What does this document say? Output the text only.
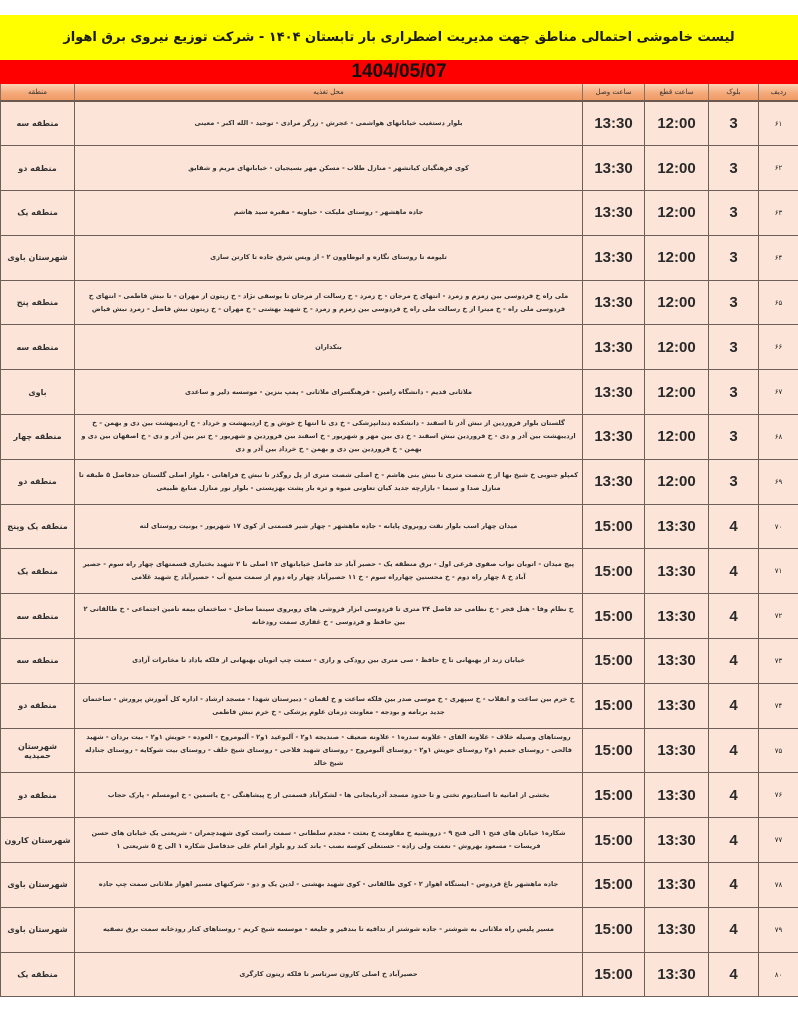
لیست خاموشی احتمالی مناطق جهت مدیریت اضطراری بار تابستان ۱۴۰۴ - شرکت توزیع نیروی برق اهواز
1404/05/07
ردیف	بلوک	ساعت قطع	ساعت وصل	محل تغذیه	منطقه
۶۱	3	12:00	13:30	بلوار دستغیب خیابانهای هواشمی - عجرش - زرگر مرادی - توحید - الله اکبر - معینی	منطقه سه
۶۲	3	12:00	13:30	کوی فرهنگیان کیانشهر - منازل طلاب - مسکن مهر بسیجیان - خیابانهای مریم و شقایق	منطقه دو
۶۳	3	12:00	13:30	جاده ماهشهر - روستای ملیکت - حیاویه - مقبره سید هاشم	منطقه یک
۶۴	3	12:00	13:30	تلیومه تا روستای نگاره و ابوطاوون ۲ - از ویس شرق جاده تا کارتن سازی	شهرستان باوی
۶۵	3	12:00	13:30	ملی راه خ فردوسی بین زمزم و زمرد - انتهای خ مرجان - خ زمرد - خ رسالت از مرجان تا یوسفی نژاد - خ زیتون از مهران - تا نبش فاطمی - انتهای خ فردوسی ملی راه - خ میترا از خ رسالت ملی راه خ فردوسی بین زمزم و زمرد - خ شهید بهشتی - خ مهران - خ زیتون نبش فاضل - زمرد نبش فیاض	منطقه پنج
۶۶	3	12:00	13:30	بنکداران	منطقه سه
۶۷	3	12:00	13:30	ملاثانی قدیم - دانشگاه رامین - فرهنگسرای ملاثانی - پمپ بنزین - موسسه دلیر و ساعدی	باوی
۶۸	3	12:00	13:30	گلستان بلوار فروردین از نبش آذر تا اسفند - دانشکده دندانپزشکی - خ دی تا انتها خ خوش و خ اردیبهشت و خرداد - خ اردیبهشت بین دی و بهمن - خ اردیبهشت بین آذر و دی - خ فروردین نبش اسفند - خ دی بین مهر و شهریور - خ اسفند بین فروردین و شهریور - خ تیر بین آذر و دی - خ اصفهان بین دی و بهمن - خ فروردین بین دی و بهمن - خ خرداد بین آذر و دی	منطقه چهار
۶۹	3	12:00	13:30	کمپلو جنوبی خ شیخ بها از خ شصت متری تا نبش بنی هاشم - خ اصلی شصت متری از پل روگذر تا نبش خ فراهانی - بلوار اصلی گلستان حدفاصل ۵ طبقه تا منازل صدا و سیما - بازارچه جدید کیان تعاونی میوه و تره بار پشت بهزیستی - بلوار نور منازل منابع طبیعی	منطقه دو
۷۰	4	13:30	15:00	میدان چهار اسب بلوار نفت روبروی پایانه - جاده ماهشهر - چهار شیر قسمتی از کوی ۱۷ شهریور - یونیت روستای لته	منطقه یک وپنج
۷۱	4	13:30	15:00	پیچ میدان - اتوبان نواب صفوی فرعی اول - برق منطقه یک - حصیر آباد حد فاصل خیابانهای ۱۳ اصلی تا ۲ شهید بختیاری قسمتهای چهار راه سوم - حصیر آباد خ ۸ چهار راه دوم - خ محسنین چهارراه سوم - خ ۱۱ حصیرآباد چهار راه دوم از سمت منبع آب - حصیرآباد خ شهید غلامی	منطقه یک
۷۲	4	13:30	15:00	خ نظام وفا - هتل فجر - خ نظامی حد فاصل ۲۴ متری تا فردوسی ابزار فروشی های روبروی سینما ساحل - ساختمان بیمه تامین اجتماعی - خ طالقانی ۲ بین حافظ و فردوسی - خ غفاری سمت رودخانه	منطقه سه
۷۳	4	13:30	15:00	خیابان زند از بهبهانی تا خ حافظ - سی متری بین رودکی و رازی - سمت چپ اتوبان بهبهانی از فلکه یاداد تا مخابرات آزادی	منطقه سه
۷۴	4	13:30	15:00	خ خرم بین ساعت و انقلاب - خ سپهری - خ موسی صدر بین فلکه ساعت و خ لقمان - دبیرستان شهدا - مسجد ارشاد - اداره کل آموزش پرورش - ساختمان جدید برنامه و بودجه - معاونت درمان علوم پزشکی - خ خرم نبش فاطمی	منطقه دو
۷۵	4	13:30	15:00	روستاهای وصیله خلاف - علاونه القای - علاونه سدره۱ - علاونه ضعیف - صندیجه ۱و۲ - آلبوعید ۱و۲ - آلبومروح - العوده - حویش ۱و۲ - بیت بردان - شهید فالحی - روستای جمیم ۱و۲ روستای حویش ۱و۲ - روستای آلبومروح - روستای شهید فلاحی - روستای شیخ خلف - روستای بیت شوکایه - روستای جنادله شیخ خالد	شهرستان حمیدیه
۷۶	4	13:30	15:00	بخشی از امانیه تا استادیوم تختی و تا حدود مسجد آذربایجانی ها - لشکرآباد قسمتی از خ پیشاهنگی - خ یاسمین - خ ابومسلم - پارک حجاب	منطقه دو
۷۷	4	13:30	15:00	شکاره۱ خیابان های فتح ۱ الی فتح ۹ - درویشیه خ مقاومت خ بعثت - مجدم سلطانی - سمت راست کوی شهیدچمران - شریعتی یک خیابان های حسن فریسات - مسعود بهروش - نعمت ولی زاده - حستعلی کوسه نصب - باند کند رو بلوار امام علی حدفاصل شکاره ۱ الی خ ۵ شریعتی ۱	شهرستان کارون
۷۸	4	13:30	15:00	جاده ماهشهر باغ فردوس - ایستگاه اهواز ۲ - کوی طالقانی - کوی شهید بهشتی - لدین یک و دو - شرکتهای مسیر اهواز ملاثانی سمت چپ جاده	شهرستان باوی
۷۹	4	13:30	15:00	مسیر پلیس راه ملاثانی به شوشتر - جاده شوشتر از تدافیه تا بندقیر و جلیعه - موسسه شیخ کریم - روستاهای کنار رودخانه سمت برق تصفیه	شهرستان باوی
۸۰	4	13:30	15:00	حصیرآباد خ اصلی کارون سرتاسر تا فلکه زیتون کارگری	منطقه یک
